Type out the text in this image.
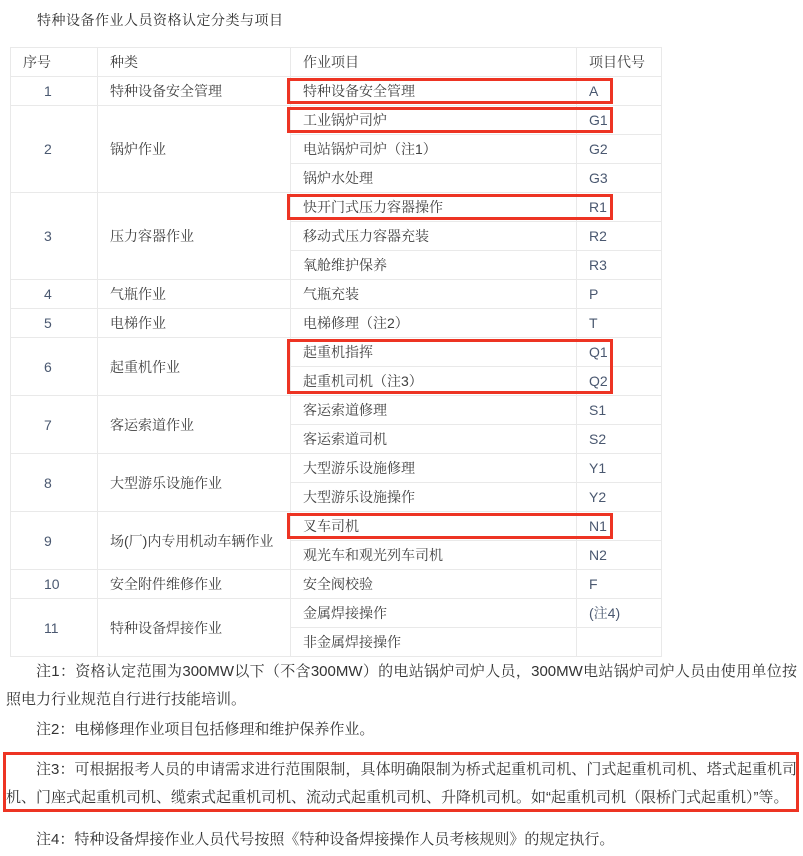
特种设备作业人员资格认定分类与项目
序号	种类	作业项目	项目代号
1	特种设备安全管理	特种设备安全管理	A
2	锅炉作业	工业锅炉司炉	G1
		电站锅炉司炉（注1）	G2
		锅炉水处理	G3
3	压力容器作业	快开门式压力容器操作	R1
		移动式压力容器充装	R2
		氧舱维护保养	R3
4	气瓶作业	气瓶充装	P
5	电梯作业	电梯修理（注2）	T
6	起重机作业	起重机指挥	Q1
		起重机司机（注3）	Q2
7	客运索道作业	客运索道修理	S1
		客运索道司机	S2
8	大型游乐设施作业	大型游乐设施修理	Y1
		大型游乐设施操作	Y2
9	场(厂)内专用机动车辆作业	叉车司机	N1
		观光车和观光列车司机	N2
10	安全附件维修作业	安全阀校验	F
11	特种设备焊接作业	金属焊接操作	(注4)
		非金属焊接操作	

注1：资格认定范围为300MW以下（不含300MW）的电站锅炉司炉人员，300MW电站锅炉司炉人员由使用单位按照电力行业规范自行进行技能培训。

注2：电梯修理作业项目包括修理和维护保养作业。

注3：可根据报考人员的申请需求进行范围限制，具体明确限制为桥式起重机司机、门式起重机司机、塔式起重机司机、门座式起重机司机、缆索式起重机司机、流动式起重机司机、升降机司机。如“起重机司机（限桥门式起重机）”等。

注4：特种设备焊接作业人员代号按照《特种设备焊接操作人员考核规则》的规定执行。
